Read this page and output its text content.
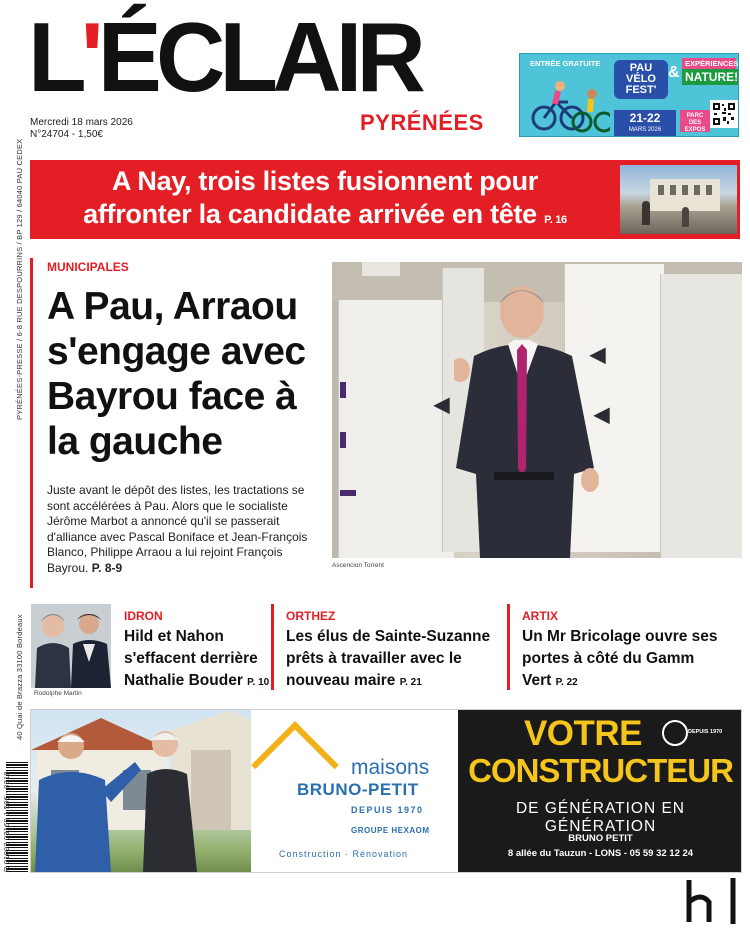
PYRÉNÉES-PRESSE / 6-8 RUE DESPOURRINS / BP 129 / 64040 PAU CEDEX
40 Quai de Brazza 33100 Bordeaux
L'ÉCLAIR
PYRÉNÉES
Mercredi 18 mars 2026
N°24704 - 1,50€
ENTRÉE GRATUITE	PAU VÉLO FEST'
&
EXPÉRIENCES
NATURE!
21-22
MARS 2026
PARC DES EXPOS
A Nay, trois listes fusionnent pour
affronter la candidate arrivée en tête P. 16
MUNICIPALES
A Pau, Arraou s'engage avec Bayrou face à la gauche

Juste avant le dépôt des listes, les tractations se sont accélérées à Pau. Alors que le socialiste Jérôme Marbot a annoncé qu'il se passerait d'alliance avec Pascal Boniface et Jean-François Blanco, Philippe Arraou a lui rejoint François Bayrou. P. 8-9

◀
◀
◀
Ascencion Torrent
Rodolphe Martin
IDRON
Hild et Nahon s'effacent derrière Nathalie Bouder P. 10
ORTHEZ
Les élus de Sainte-Suzanne prêts à travailler avec le nouveau maire P. 21
ARTIX
Un Mr Bricolage ouvre ses portes à côté du Gamm Vert P. 22
maisons
BRUNO-PETIT
DEPUIS 1970
GROUPE HEXAOM
Construction · Rénovation
VOTRE	DEPUIS 1970
CONSTRUCTEUR
DE GÉNÉRATION EN GÉNÉRATION
BRUNO PETIT
8 allée du Tauzun - LONS - 05 59 32 12 24
R 01092 03160 1,50€ - 0318
